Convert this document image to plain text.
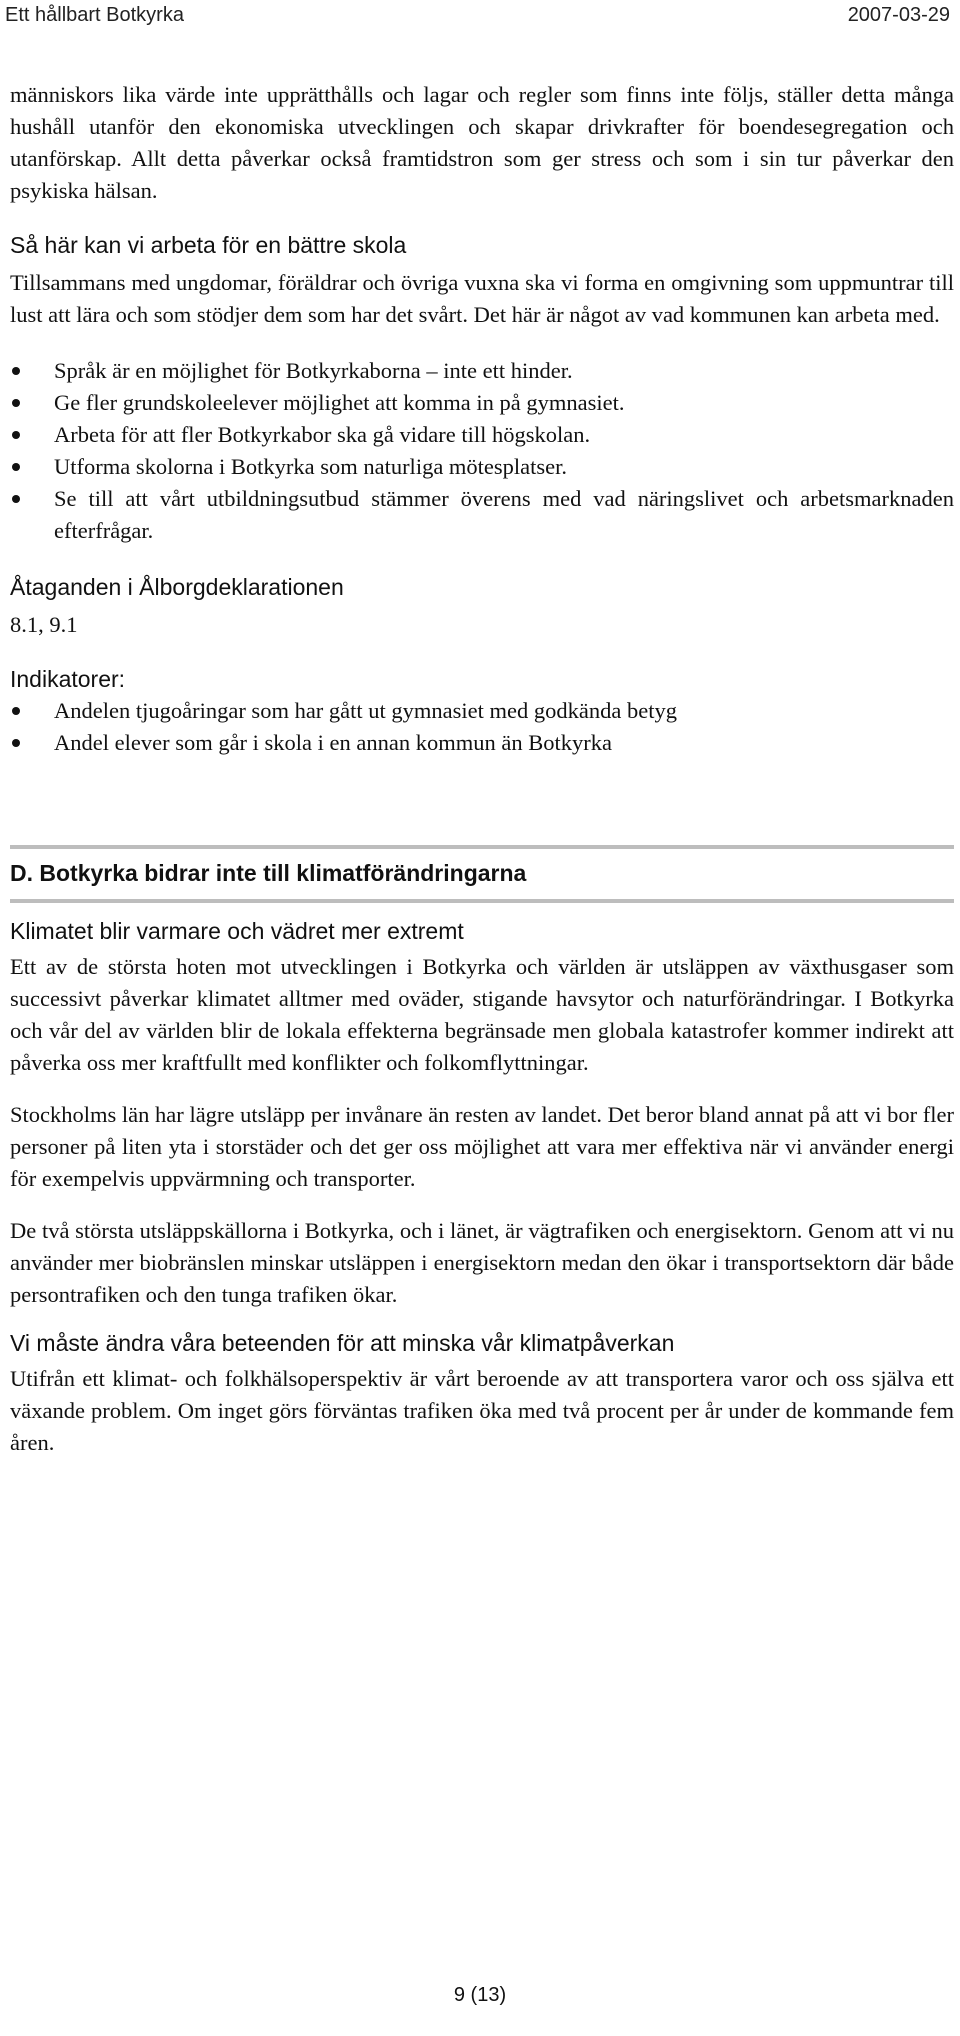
Ett hållbart Botkyrka	2007-03-29

människors lika värde inte upprätthålls och lagar och regler som finns inte följs, ställer detta många hushåll utanför den ekonomiska utvecklingen och skapar drivkrafter för boendesegregation och utanförskap. Allt detta påverkar också framtidstron som ger stress och som i sin tur påverkar den psykiska hälsan.

Så här kan vi arbeta för en bättre skola

Tillsammans med ungdomar, föräldrar och övriga vuxna ska vi forma en omgivning som uppmuntrar till lust att lära och som stödjer dem som har det svårt. Det här är något av vad kommunen kan arbeta med.

Språk är en möjlighet för Botkyrkaborna – inte ett hinder.
Ge fler grundskoleelever möjlighet att komma in på gymnasiet.
Arbeta för att fler Botkyrkabor ska gå vidare till högskolan.
Utforma skolorna i Botkyrka som naturliga mötesplatser.
Se till att vårt utbildningsutbud stämmer överens med vad näringslivet och arbetsmarknaden efterfrågar.

Åtaganden i Ålborgdeklarationen

8.1, 9.1

Indikatorer:

Andelen tjugoåringar som har gått ut gymnasiet med godkända betyg
Andel elever som går i skola i en annan kommun än Botkyrka

D. Botkyrka bidrar inte till klimatförändringarna

Klimatet blir varmare och vädret mer extremt

Ett av de största hoten mot utvecklingen i Botkyrka och världen är utsläppen av växthusgaser som successivt påverkar klimatet alltmer med oväder, stigande havsytor och naturförändringar. I Botkyrka och vår del av världen blir de lokala effekterna begränsade men globala katastrofer kommer indirekt att påverka oss mer kraftfullt med konflikter och folkomflyttningar.

Stockholms län har lägre utsläpp per invånare än resten av landet. Det beror bland annat på att vi bor fler personer på liten yta i storstäder och det ger oss möjlighet att vara mer effektiva när vi använder energi för exempelvis uppvärmning och transporter.

De två största utsläppskällorna i Botkyrka, och i länet, är vägtrafiken och energisektorn. Genom att vi nu använder mer biobränslen minskar utsläppen i energisektorn medan den ökar i transportsektorn där både persontrafiken och den tunga trafiken ökar.

Vi måste ändra våra beteenden för att minska vår klimatpåverkan

Utifrån ett klimat- och folkhälsoperspektiv är vårt beroende av att transportera varor och oss själva ett växande problem. Om inget görs förväntas trafiken öka med två procent per år under de kommande fem åren.

9 (13)
